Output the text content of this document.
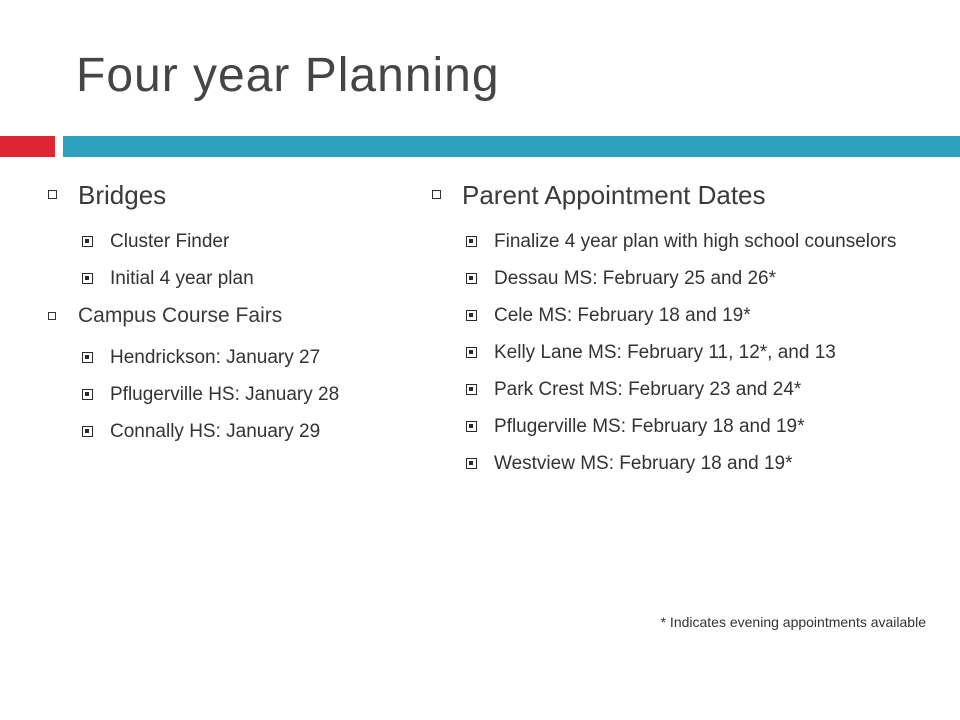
Four year Planning
Bridges
Cluster Finder
Initial 4 year plan
Campus Course Fairs
Hendrickson: January 27
Pflugerville HS: January 28
Connally HS: January 29
Parent Appointment Dates
Finalize 4 year plan with high school counselors
Dessau MS: February 25 and 26*
Cele MS: February 18 and 19*
Kelly Lane MS: February 11, 12*, and 13
Park Crest MS: February 23 and 24*
Pflugerville MS: February 18 and 19*
Westview MS: February 18 and 19*
* Indicates evening appointments available
